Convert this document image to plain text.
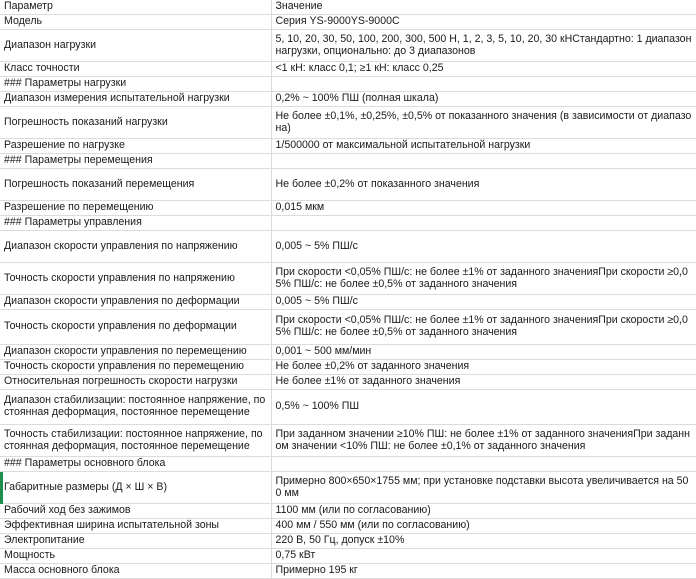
Параметр	Значение
Модель	Серия YS-9000YS-9000C
Диапазон нагрузки	5, 10, 20, 30, 50, 100, 200, 300, 500 Н, 1, 2, 3, 5, 10, 20, 30 кНСтандартно: 1 диапазон нагрузки, опционально: до 3 диапазонов
Класс точности	<1 кН: класс 0,1; ≥1 кН: класс 0,25
### Параметры нагрузки	
Диапазон измерения испытательной нагрузки	0,2% ~ 100% ПШ (полная шкала)
Погрешность показаний нагрузки	Не более ±0,1%, ±0,25%, ±0,5% от показанного значения (в зависимости от диапазона)
Разрешение по нагрузке	1/500000 от максимальной испытательной нагрузки
### Параметры перемещения	
Погрешность показаний перемещения	Не более ±0,2% от показанного значения
Разрешение по перемещению	0,015 мкм
### Параметры управления	
Диапазон скорости управления по напряжению	0,005 ~ 5% ПШ/с
Точность скорости управления по напряжению	При скорости <0,05% ПШ/с: не более ±1% от заданного значенияПри скорости ≥0,05% ПШ/с: не более ±0,5% от заданного значения
Диапазон скорости управления по деформации	0,005 ~ 5% ПШ/с
Точность скорости управления по деформации	При скорости <0,05% ПШ/с: не более ±1% от заданного значенияПри скорости ≥0,05% ПШ/с: не более ±0,5% от заданного значения
Диапазон скорости управления по перемещению	0,001 ~ 500 мм/мин
Точность скорости управления по перемещению	Не более ±0,2% от заданного значения
Относительная погрешность скорости нагрузки	Не более ±1% от заданного значения
Диапазон стабилизации: постоянное напряжение, постоянная деформация, постоянное перемещение	0,5% ~ 100% ПШ
Точность стабилизации: постоянное напряжение, постоянная деформация, постоянное перемещение	При заданном значении ≥10% ПШ: не более ±1% от заданного значенияПри заданном значении <10% ПШ: не более ±0,1% от заданного значения
### Параметры основного блока	
Габаритные размеры (Д × Ш × В)	Примерно 800×650×1755 мм; при установке подставки высота увеличивается на 500 мм
Рабочий ход без зажимов	1100 мм (или по согласованию)
Эффективная ширина испытательной зоны	400 мм / 550 мм (или по согласованию)
Электропитание	220 В, 50 Гц, допуск ±10%
Мощность	0,75 кВт
Масса основного блока	Примерно 195 кг
